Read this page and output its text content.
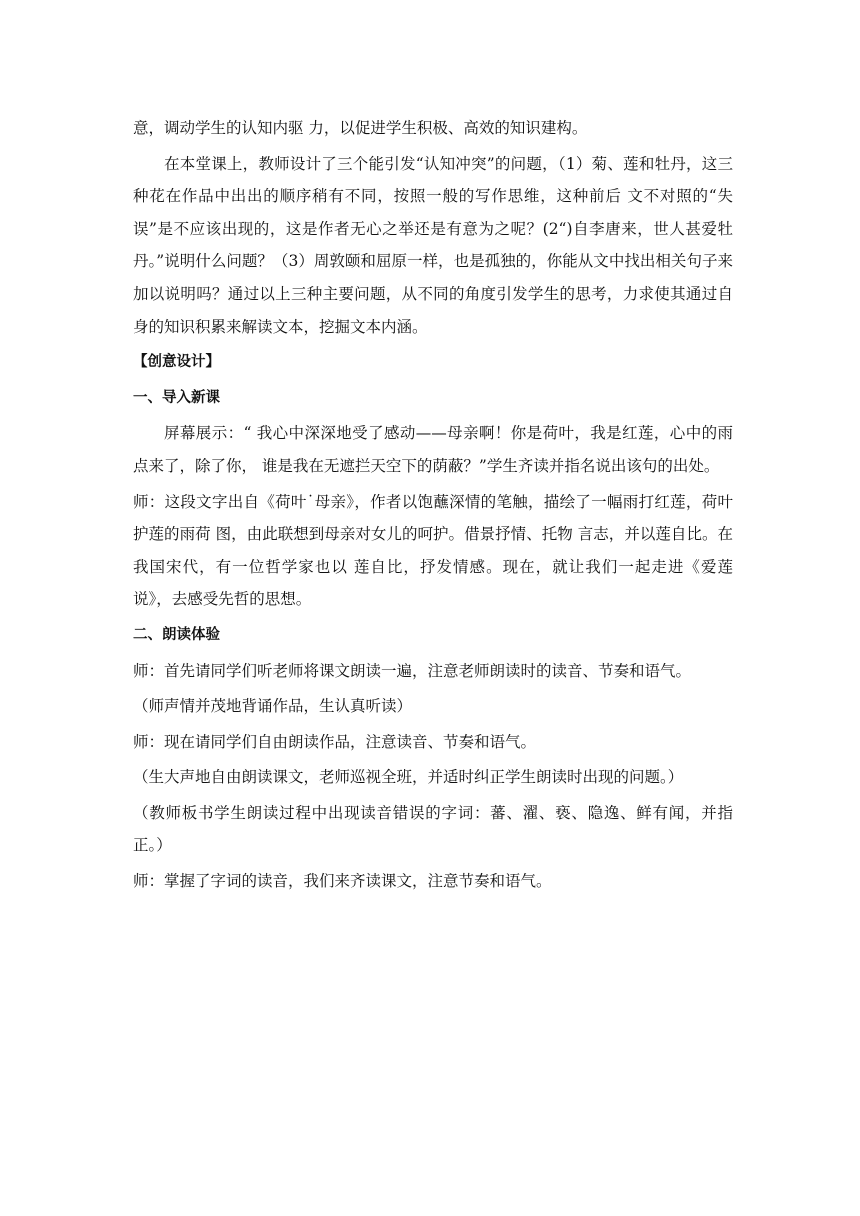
意，调动学生的认知内驱 力，以促进学生积极、高效的知识建构。

在本堂课上，教师设计了三个能引发“认知冲突”的问题，（1）菊、莲和牡丹，这三种花在作品中出出的顺序稍有不同，按照一般的写作思维，这种前后 文不对照的“失误”是不应该出现的，这是作者无心之举还是有意为之呢？(2“)自李唐来，世人甚爱牡丹。”说明什么问题？（3）周敦颐和屈原一样，也是孤独的，你能从文中找出相关句子来加以说明吗？通过以上三种主要问题，从不同的角度引发学生的思考，力求使其通过自身的知识积累来解读文本，挖掘文本内涵。

【创意设计】

一、导入新课

屏幕展示：“ 我心中深深地受了感动——母亲啊！你是荷叶，我是红莲，心中的雨点来了，除了你， 谁是我在无遮拦天空下的荫蔽？”学生齐读并指名说出该句的出处。

师：这段文字出自《荷叶˙母亲》，作者以饱蘸深情的笔触，描绘了一幅雨打红莲，荷叶护莲的雨荷 图，由此联想到母亲对女儿的呵护。借景抒情、托物 言志，并以莲自比。在我国宋代，有一位哲学家也以 莲自比，抒发情感。现在，就让我们一起走进《爱莲说》，去感受先哲的思想。

二、朗读体验

师：首先请同学们听老师将课文朗读一遍，注意老师朗读时的读音、节奏和语气。

（师声情并茂地背诵作品，生认真听读）

师：现在请同学们自由朗读作品，注意读音、节奏和语气。

（生大声地自由朗读课文，老师巡视全班，并适时纠正学生朗读时出现的问题。）

（教师板书学生朗读过程中出现读音错误的字词：蕃、濯、亵、隐逸、鲜有闻，并指正。）

师：掌握了字词的读音，我们来齐读课文，注意节奏和语气。
